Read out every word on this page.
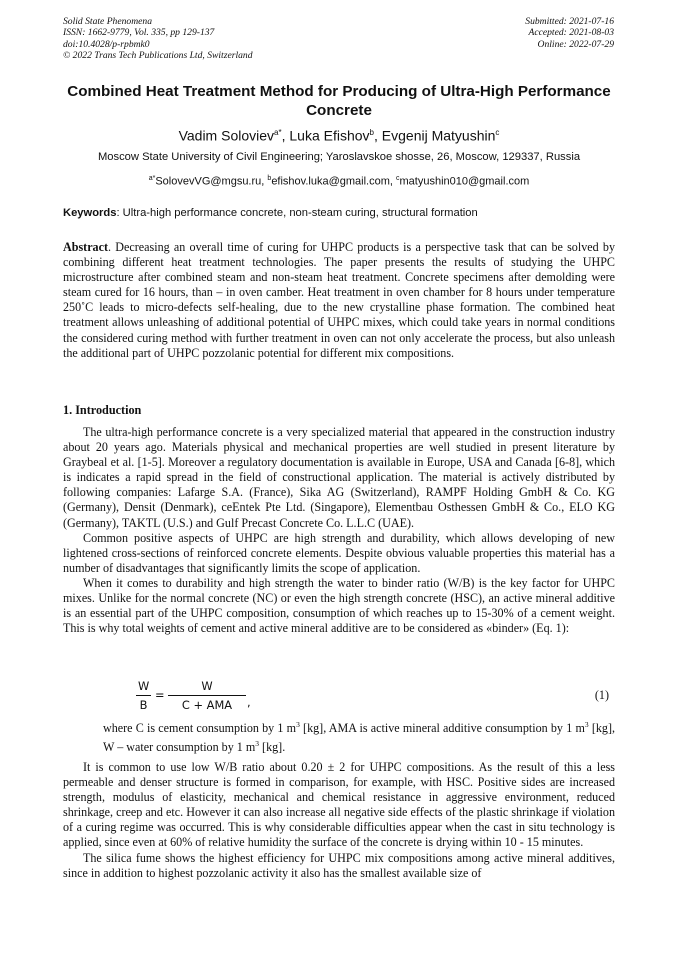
Solid State Phenomena
ISSN: 1662-9779, Vol. 335, pp 129-137
doi:10.4028/p-rpbmk0
© 2022 Trans Tech Publications Ltd, Switzerland
Submitted: 2021-07-16
Accepted: 2021-08-03
Online: 2022-07-29
Combined Heat Treatment Method for Producing of Ultra-High Performance Concrete
Vadim Soloviev$^{a*}$, Luka Efishov$^b$, Evgenij Matyushin$^c$
Moscow State University of Civil Engineering; Yaroslavskoe shosse, 26, Moscow, 129337, Russia
$^{a*}$SolovevVG@mgsu.ru, $^b$efishov.luka@gmail.com, $^c$matyushin010@gmail.com
Keywords: Ultra-high performance concrete, non-steam curing, structural formation

Abstract. Decreasing an overall time of curing for UHPC products is a perspective task that can be solved by combining different heat treatment technologies. The paper presents the results of studying the UHPC microstructure after combined steam and non-steam heat treatment. Concrete specimens after demolding were steam cured for 16 hours, than – in oven camber. Heat treatment in oven chamber for 8 hours under temperature 250˚C leads to micro-defects self-healing, due to the new crystalline phase formation. The combined heat treatment allows unleashing of additional potential of UHPC mixes, which could take years in normal conditions the considered curing method with further treatment in oven can not only accelerate the process, but also unleash the additional part of UHPC pozzolanic potential for different mix compositions.

1. Introduction

The ultra-high performance concrete is a very specialized material that appeared in the construction industry about 20 years ago. Materials physical and mechanical properties are well studied in present literature by Graybeal et al. [1-5]. Moreover a regulatory documentation is available in Europe, USA and Canada [6-8], which is indicates a rapid spread in the field of constructional application. The material is actively distributed by following companies: Lafarge S.A. (France), Sika AG (Switzerland), RAMPF Holding GmbH & Co. KG (Germany), Densit (Denmark), ceEntek Pte Ltd. (Singapore), Elementbau Osthessen GmbH & Co., ELO KG (Germany), TAKTL (U.S.) and Gulf Precast Concrete Co. L.L.C (UAE).

Common positive aspects of UHPC are high strength and durability, which allows developing of new lightened cross-sections of reinforced concrete elements. Despite obvious valuable properties this material has a number of disadvantages that significantly limits the scope of application.

When it comes to durability and high strength the water to binder ratio (W/B) is the key factor for UHPC mixes. Unlike for the normal concrete (NC) or even the high strength concrete (HSC), an active mineral additive is an essential part of the UHPC composition, consumption of which reaches up to 15-30% of a cement weight. This is why total weights of cement and active mineral additive are to be considered as «binder» (Eq. 1):

W
B
=
W
C + AMA	,	(1)
where C is cement consumption by 1 $m^3$ [kg], AMA is active mineral additive consumption by 1 $m^3$ [kg], W – water consumption by 1 $m^3$ [kg].

It is common to use low W/B ratio about 0.20 ± 2 for UHPC compositions. As the result of this a less permeable and denser structure is formed in comparison, for example, with HSC. Positive sides are increased strength, modulus of elasticity, mechanical and chemical resistance in aggressive environment, reduced shrinkage, creep and etc. However it can also increase all negative side effects of the plastic shrinkage if violation of a curing regime was occurred. This is why considerable difficulties appear when the cast in situ technology is applied, since even at 60% of relative humidity the surface of the concrete is drying within 10 - 15 minutes.

The silica fume shows the highest efficiency for UHPC mix compositions among active mineral additives, since in addition to highest pozzolanic activity it also has the smallest available size of
